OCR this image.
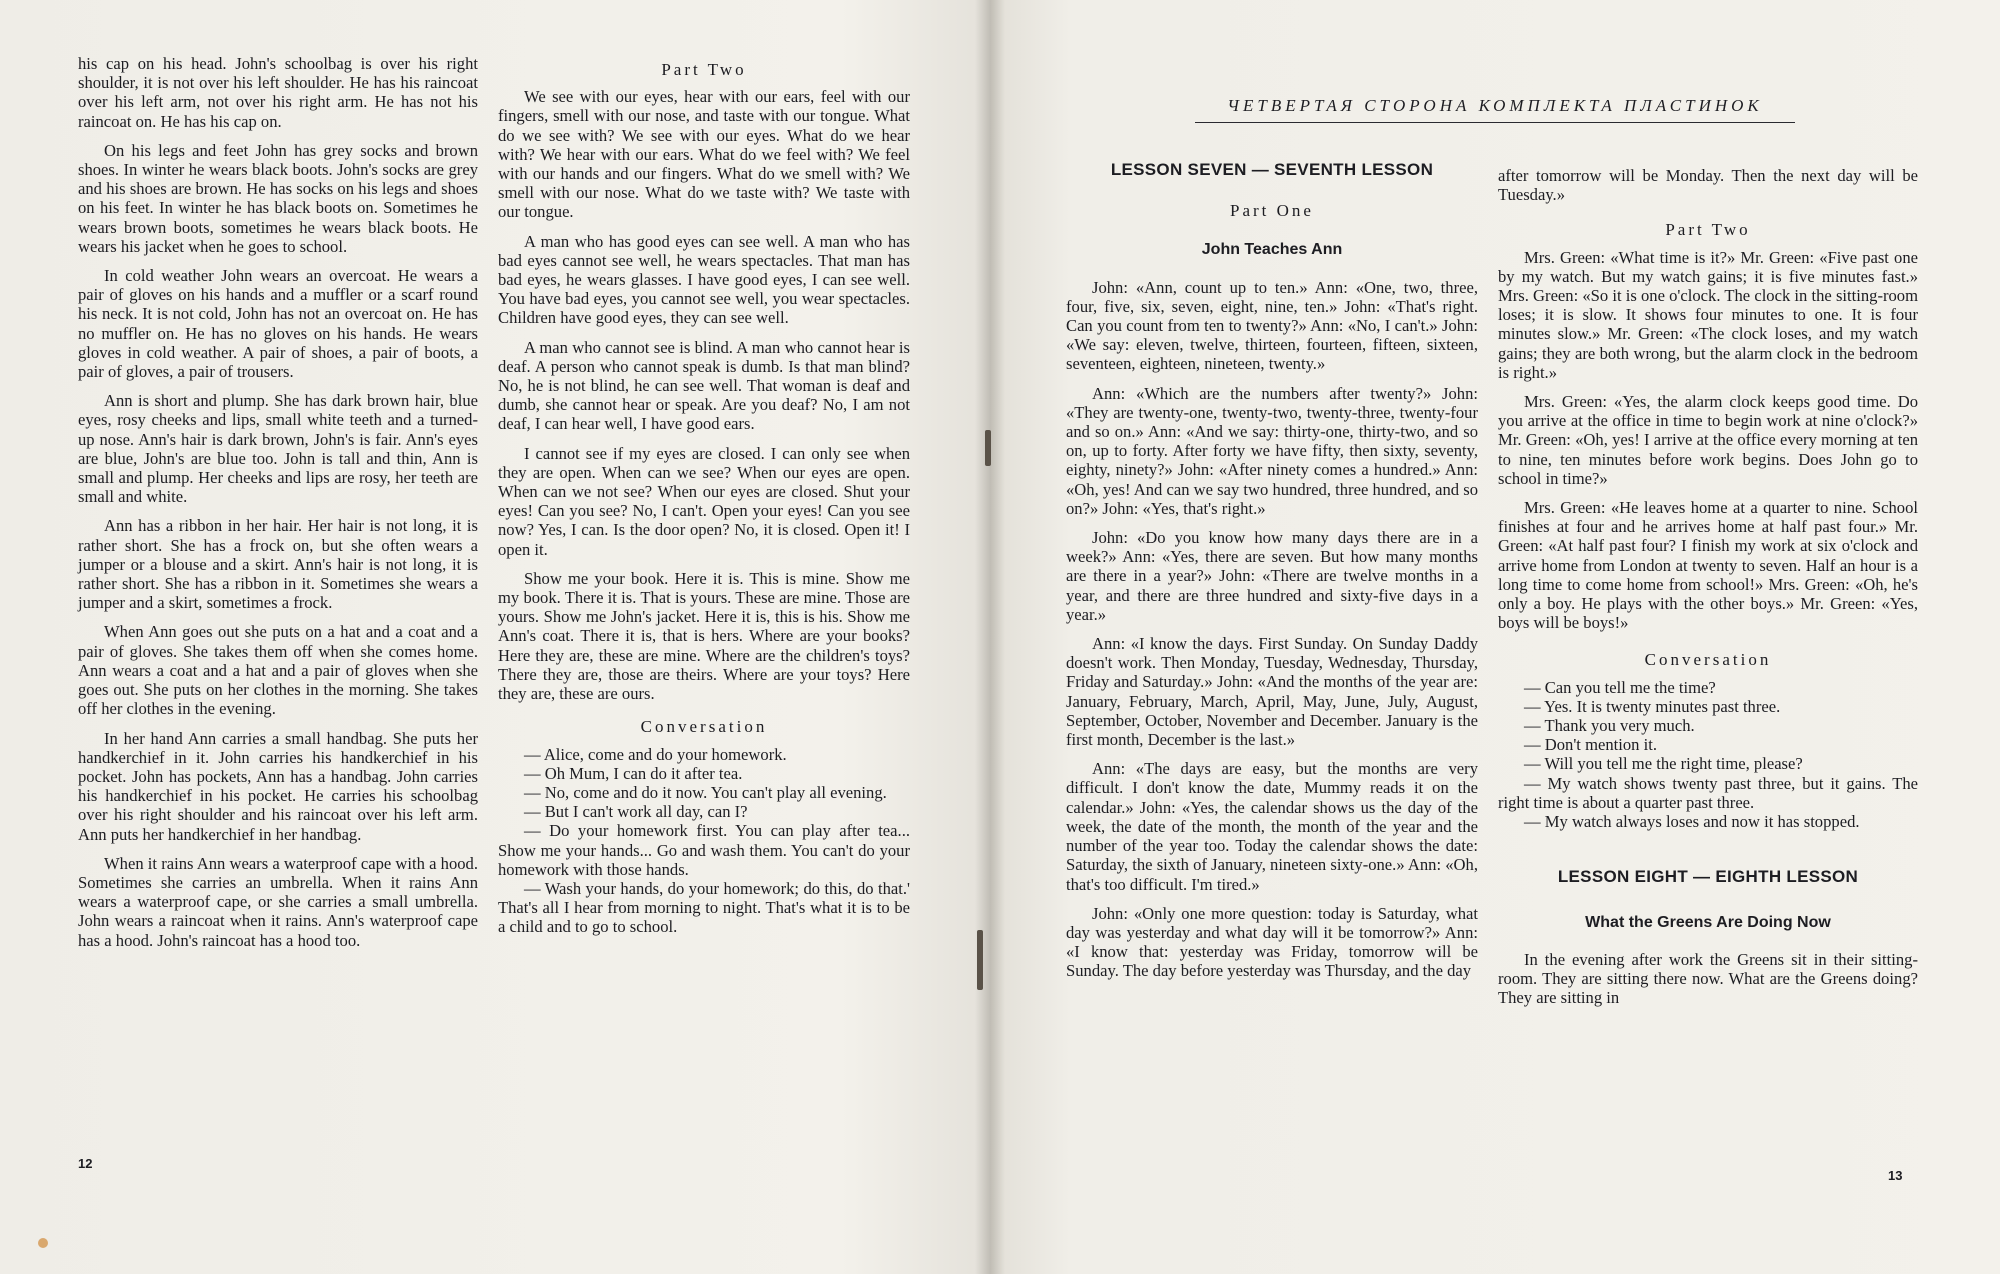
his cap on his head. John's schoolbag is over his right shoulder, it is not over his left shoulder. He has his raincoat over his left arm, not over his right arm. He has not his raincoat on. He has his cap on.

On his legs and feet John has grey socks and brown shoes. In winter he wears black boots. John's socks are grey and his shoes are brown. He has socks on his legs and shoes on his feet. In winter he has black boots on. Sometimes he wears brown boots, sometimes he wears black boots. He wears his jacket when he goes to school.

In cold weather John wears an overcoat. He wears a pair of gloves on his hands and a muffler or a scarf round his neck. It is not cold, John has not an overcoat on. He has no muffler on. He has no gloves on his hands. He wears gloves in cold weather. A pair of shoes, a pair of boots, a pair of gloves, a pair of trousers.

Ann is short and plump. She has dark brown hair, blue eyes, rosy cheeks and lips, small white teeth and a turned-up nose. Ann's hair is dark brown, John's is fair. Ann's eyes are blue, John's are blue too. John is tall and thin, Ann is small and plump. Her cheeks and lips are rosy, her teeth are small and white.

Ann has a ribbon in her hair. Her hair is not long, it is rather short. She has a frock on, but she often wears a jumper or a blouse and a skirt. Ann's hair is not long, it is rather short. She has a ribbon in it. Sometimes she wears a jumper and a skirt, sometimes a frock.

When Ann goes out she puts on a hat and a coat and a pair of gloves. She takes them off when she comes home. Ann wears a coat and a hat and a pair of gloves when she goes out. She puts on her clothes in the morning. She takes off her clothes in the evening.

In her hand Ann carries a small handbag. She puts her handkerchief in it. John carries his handkerchief in his pocket. John has pockets, Ann has a handbag. John carries his handkerchief in his pocket. He carries his schoolbag over his right shoulder and his raincoat over his left arm. Ann puts her handkerchief in her handbag.

When it rains Ann wears a waterproof cape with a hood. Sometimes she carries an umbrella. When it rains Ann wears a waterproof cape, or she carries a small umbrella. John wears a raincoat when it rains. Ann's waterproof cape has a hood. John's raincoat has a hood too.

Part Two

We see with our eyes, hear with our ears, feel with our fingers, smell with our nose, and taste with our tongue. What do we see with? We see with our eyes. What do we hear with? We hear with our ears. What do we feel with? We feel with our hands and our fingers. What do we smell with? We smell with our nose. What do we taste with? We taste with our tongue.

A man who has good eyes can see well. A man who has bad eyes cannot see well, he wears spectacles. That man has bad eyes, he wears glasses. I have good eyes, I can see well. You have bad eyes, you cannot see well, you wear spectacles. Children have good eyes, they can see well.

A man who cannot see is blind. A man who cannot hear is deaf. A person who cannot speak is dumb. Is that man blind? No, he is not blind, he can see well. That woman is deaf and dumb, she cannot hear or speak. Are you deaf? No, I am not deaf, I can hear well, I have good ears.

I cannot see if my eyes are closed. I can only see when they are open. When can we see? When our eyes are open. When can we not see? When our eyes are closed. Shut your eyes! Can you see? No, I can't. Open your eyes! Can you see now? Yes, I can. Is the door open? No, it is closed. Open it! I open it.

Show me your book. Here it is. This is mine. Show me my book. There it is. That is yours. These are mine. Those are yours. Show me John's jacket. Here it is, this is his. Show me Ann's coat. There it is, that is hers. Where are your books? Here they are, these are mine. Where are the children's toys? There they are, those are theirs. Where are your toys? Here they are, these are ours.

Conversation

— Alice, come and do your homework.

— Oh Mum, I can do it after tea.

— No, come and do it now. You can't play all evening.

— But I can't work all day, can I?

— Do your homework first. You can play after tea... Show me your hands... Go and wash them. You can't do your homework with those hands.

— Wash your hands, do your homework; do this, do that.' That's all I hear from morning to night. That's what it is to be a child and to go to school.

12
ЧЕТВЕРТАЯ СТОРОНА КОМПЛЕКТА ПЛАСТИНОК
LESSON SEVEN — SEVENTH LESSON
Part One
John Teaches Ann

John: «Ann, count up to ten.» Ann: «One, two, three, four, five, six, seven, eight, nine, ten.» John: «That's right. Can you count from ten to twenty?» Ann: «No, I can't.» John: «We say: eleven, twelve, thirteen, fourteen, fifteen, sixteen, seventeen, eighteen, nineteen, twenty.»

Ann: «Which are the numbers after twenty?» John: «They are twenty-one, twenty-two, twenty-three, twenty-four and so on.» Ann: «And we say: thirty-one, thirty-two, and so on, up to forty. After forty we have fifty, then sixty, seventy, eighty, ninety?» John: «After ninety comes a hundred.» Ann: «Oh, yes! And can we say two hundred, three hundred, and so on?» John: «Yes, that's right.»

John: «Do you know how many days there are in a week?» Ann: «Yes, there are seven. But how many months are there in a year?» John: «There are twelve months in a year, and there are three hundred and sixty-five days in a year.»

Ann: «I know the days. First Sunday. On Sunday Daddy doesn't work. Then Monday, Tuesday, Wednesday, Thursday, Friday and Saturday.» John: «And the months of the year are: January, February, March, April, May, June, July, August, September, October, November and December. January is the first month, December is the last.»

Ann: «The days are easy, but the months are very difficult. I don't know the date, Mummy reads it on the calendar.» John: «Yes, the calendar shows us the day of the week, the date of the month, the month of the year and the number of the year too. Today the calendar shows the date: Saturday, the sixth of January, nineteen sixty-one.» Ann: «Oh, that's too difficult. I'm tired.»

John: «Only one more question: today is Saturday, what day was yesterday and what day will it be tomorrow?» Ann: «I know that: yesterday was Friday, tomorrow will be Sunday. The day before yesterday was Thursday, and the day

after tomorrow will be Monday. Then the next day will be Tuesday.»

Part Two

Mrs. Green: «What time is it?» Mr. Green: «Five past one by my watch. But my watch gains; it is five minutes fast.» Mrs. Green: «So it is one o'clock. The clock in the sitting-room loses; it is slow. It shows four minutes to one. It is four minutes slow.» Mr. Green: «The clock loses, and my watch gains; they are both wrong, but the alarm clock in the bedroom is right.»

Mrs. Green: «Yes, the alarm clock keeps good time. Do you arrive at the office in time to begin work at nine o'clock?» Mr. Green: «Oh, yes! I arrive at the office every morning at ten to nine, ten minutes before work begins. Does John go to school in time?»

Mrs. Green: «He leaves home at a quarter to nine. School finishes at four and he arrives home at half past four.» Mr. Green: «At half past four? I finish my work at six o'clock and arrive home from London at twenty to seven. Half an hour is a long time to come home from school!» Mrs. Green: «Oh, he's only a boy. He plays with the other boys.» Mr. Green: «Yes, boys will be boys!»

Conversation

— Can you tell me the time?

— Yes. It is twenty minutes past three.

— Thank you very much.

— Don't mention it.

— Will you tell me the right time, please?

— My watch shows twenty past three, but it gains. The right time is about a quarter past three.

— My watch always loses and now it has stopped.

LESSON EIGHT — EIGHTH LESSON
What the Greens Are Doing Now

In the evening after work the Greens sit in their sitting-room. They are sitting there now. What are the Greens doing? They are sitting in

13
